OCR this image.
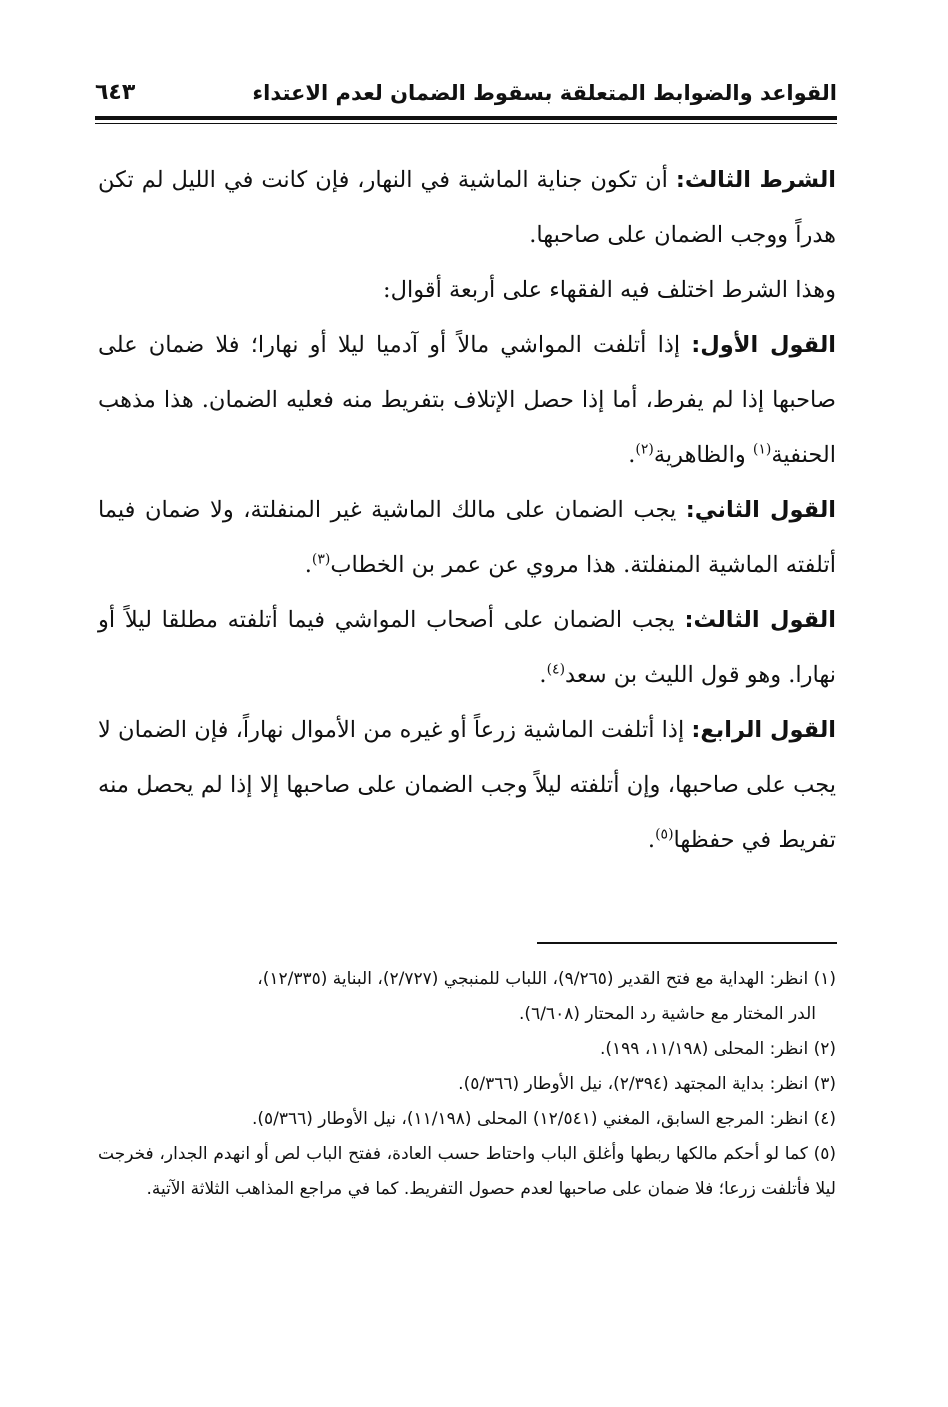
القواعد والضوابط المتعلقة بسقوط الضمان لعدم الاعتداء
٦٤٣

الشرط الثالث: أن تكون جناية الماشية في النهار، فإن كانت في الليل لم تكن هدراً ووجب الضمان على صاحبها.

وهذا الشرط اختلف فيه الفقهاء على أربعة أقوال:

القول الأول: إذا أتلفت المواشي مالاً أو آدميا ليلا أو نهارا؛ فلا ضمان على صاحبها إذا لم يفرط، أما إذا حصل الإتلاف بتفريط منه فعليه الضمان. هذا مذهب الحنفية$^{(١)}$ والظاهرية$^{(٢)}$.

القول الثاني: يجب الضمان على مالك الماشية غير المنفلتة، ولا ضمان فيما أتلفته الماشية المنفلتة. هذا مروي عن عمر بن الخطاب$^{(٣)}$.

القول الثالث: يجب الضمان على أصحاب المواشي فيما أتلفته مطلقا ليلاً أو نهارا. وهو قول الليث بن سعد$^{(٤)}$.

القول الرابع: إذا أتلفت الماشية زرعاً أو غيره من الأموال نهاراً، فإن الضمان لا يجب على صاحبها، وإن أتلفته ليلاً وجب الضمان على صاحبها إلا إذا لم يحصل منه تفريط في حفظها$^{(٥)}$.

(١) انظر: الهداية مع فتح القدير (٩/٢٦٥)، اللباب للمنبجي (٢/٧٢٧)، البناية (١٢/٣٣٥)،

الدر المختار مع حاشية رد المحتار (٦/٦٠٨).

(٢) انظر: المحلى (١١/١٩٨، ١٩٩).

(٣) انظر: بداية المجتهد (٢/٣٩٤)، نيل الأوطار (٥/٣٦٦).

(٤) انظر: المرجع السابق، المغني (١٢/٥٤١) المحلى (١١/١٩٨)، نيل الأوطار (٥/٣٦٦).

(٥) كما لو أحكم مالكها ربطها وأغلق الباب واحتاط حسب العادة، ففتح الباب لص أو انهدم الجدار، فخرجت ليلا فأتلفت زرعا؛ فلا ضمان على صاحبها لعدم حصول التفريط. كما في مراجع المذاهب الثلاثة الآتية.
